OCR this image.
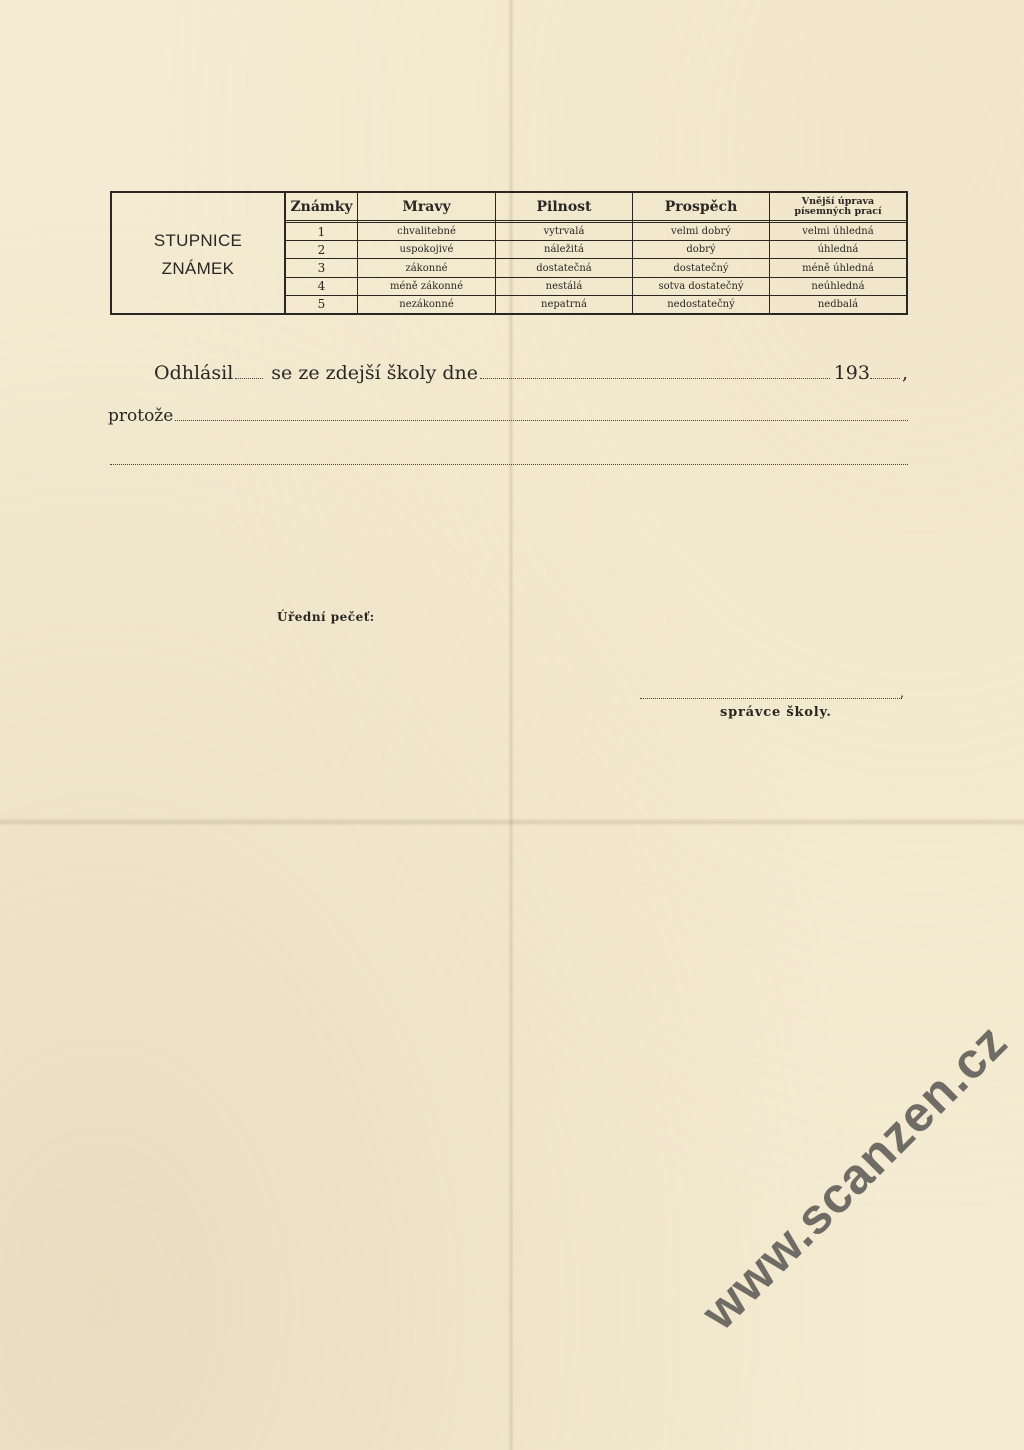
STUPNICE
ZNÁMEK
Známky
1
2
3
4
5
Mravy
chvalitebné
uspokojivé
zákonné
méně zákonné
nezákonné
Pilnost
vytrvalá
náležitá
dostatečná
nestálá
nepatrná
Prospěch
velmi dobrý
dobrý
dostatečný
sotva dostatečný
nedostatečný
Vnější úprava
písemných prací
velmi úhledná
úhledná
méně úhledná
neúhledná
nedbalá
Odhlásil se ze zdejší školy dne	193 ,
protože
Úřední pečeť:
,
správce školy.
www.scanzen.cz
